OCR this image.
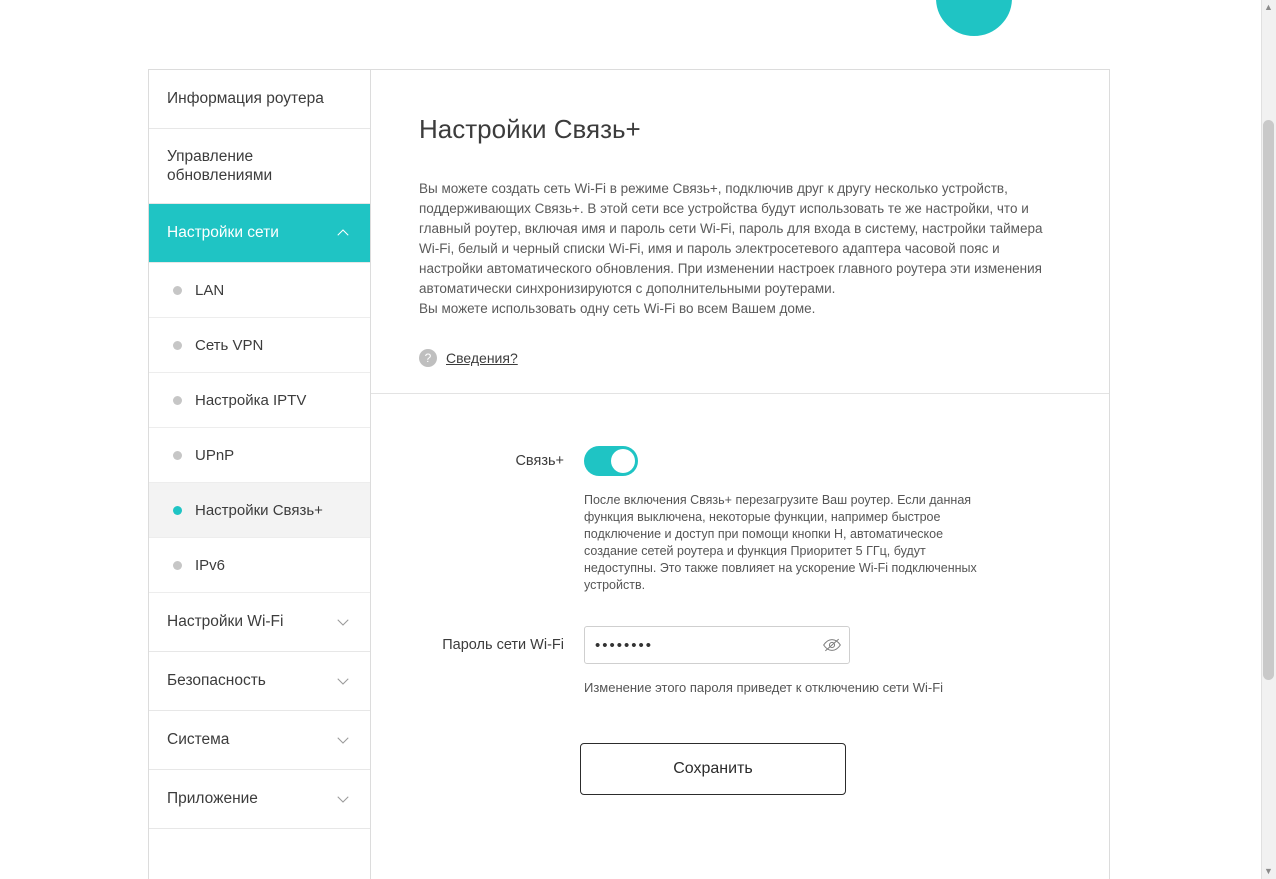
▲
▼
Информация роутера
Управление обновлениями
Настройки сети
LAN
Сеть VPN
Настройка IPTV
UPnP
Настройки Связь+
IPv6
Настройки Wi-Fi
Безопасность
Система
Приложение
Настройки Связь+

Вы можете создать сеть Wi-Fi в режиме Связь+, подключив друг к другу несколько устройств, поддерживающих Связь+. В этой сети все устройства будут использовать те же настройки, что и главный роутер, включая имя и пароль сети Wi-Fi, пароль для входа в систему, настройки таймера Wi-Fi, белый и черный списки Wi-Fi, имя и пароль электросетевого адаптера часовой пояс и настройки автоматического обновления. При изменении настроек главного роутера эти изменения автоматически синхронизируются с дополнительными роутерами.

Вы можете использовать одну сеть Wi-Fi во всем Вашем доме.

?	Сведения?
Связь+

После включения Связь+ перезагрузите Ваш роутер. Если данная функция выключена, некоторые функции, например быстрое подключение и доступ при помощи кнопки H, автоматическое создание сетей роутера и функция Приоритет 5 ГГц, будут недоступны. Это также повлияет на ускорение Wi-Fi подключенных устройств.

Пароль сети Wi-Fi
••••••••
Изменение этого пароля приведет к отключению сети Wi-Fi
Сохранить
